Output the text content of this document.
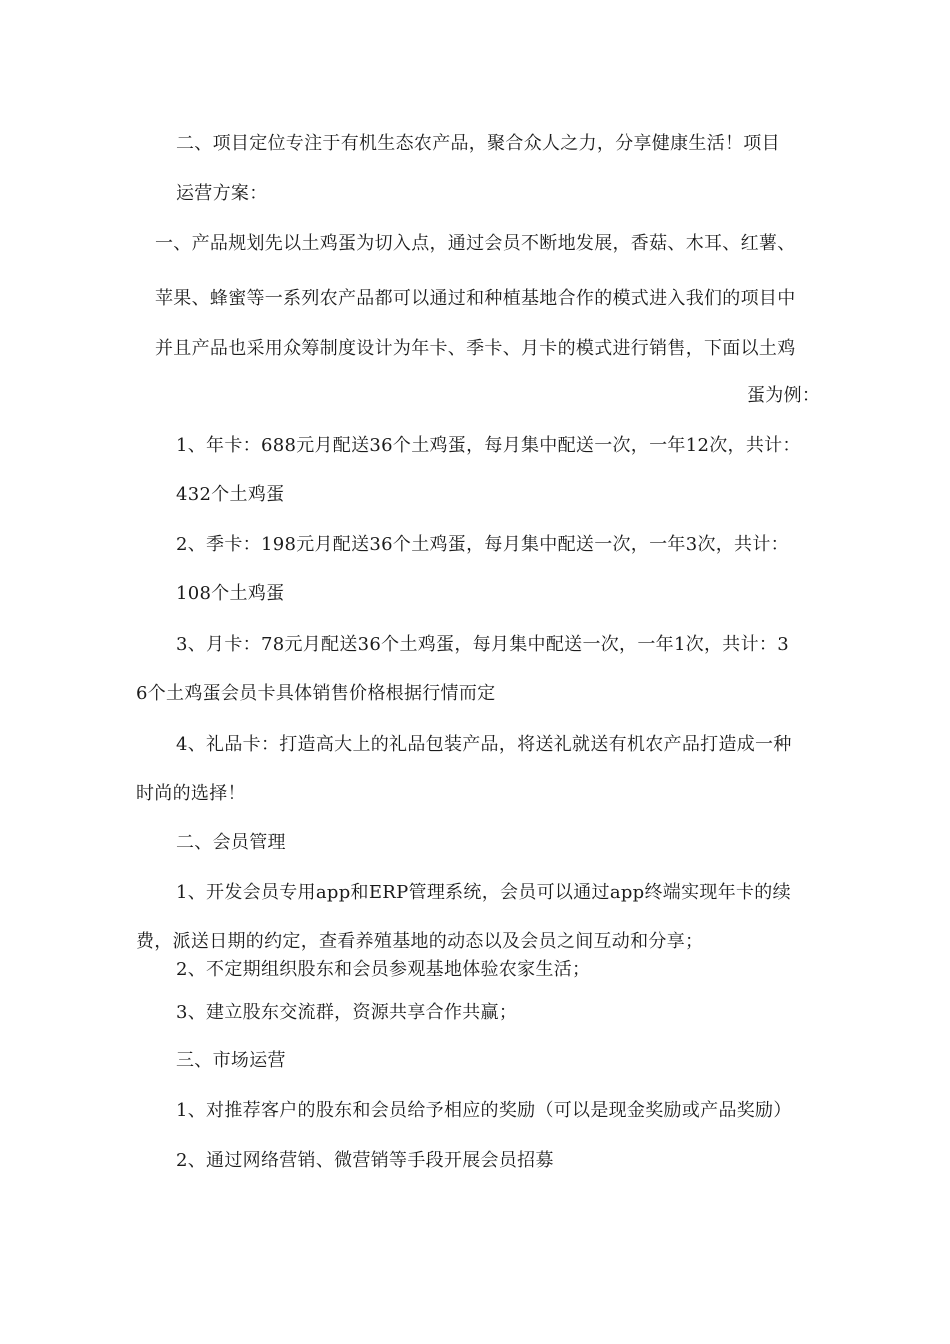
二、项目定位专注于有机生态农产品，聚合众人之力，分享健康生活！项目
运营方案：
一、产品规划先以土鸡蛋为切入点，通过会员不断地发展，香菇、木耳、红薯、
苹果、蜂蜜等一系列农产品都可以通过和种植基地合作的模式进入我们的项目中
并且产品也采用众筹制度设计为年卡、季卡、月卡的模式进行销售，下面以土鸡
蛋为例：
1、年卡：688元月配送36个土鸡蛋，每月集中配送一次，一年12次，共计：
432个土鸡蛋
2、季卡：198元月配送36个土鸡蛋，每月集中配送一次，一年3次，共计：
108个土鸡蛋
3、月卡：78元月配送36个土鸡蛋，每月集中配送一次，一年1次，共计：3
6个土鸡蛋会员卡具体销售价格根据行情而定
4、礼品卡：打造高大上的礼品包装产品，将送礼就送有机农产品打造成一种
时尚的选择！
二、会员管理
1、开发会员专用app和ERP管理系统，会员可以通过app终端实现年卡的续
费，派送日期的约定，查看养殖基地的动态以及会员之间互动和分享；
2、不定期组织股东和会员参观基地体验农家生活；
3、建立股东交流群，资源共享合作共赢；
三、市场运营
1、对推荐客户的股东和会员给予相应的奖励（可以是现金奖励或产品奖励）
2、通过网络营销、微营销等手段开展会员招募
